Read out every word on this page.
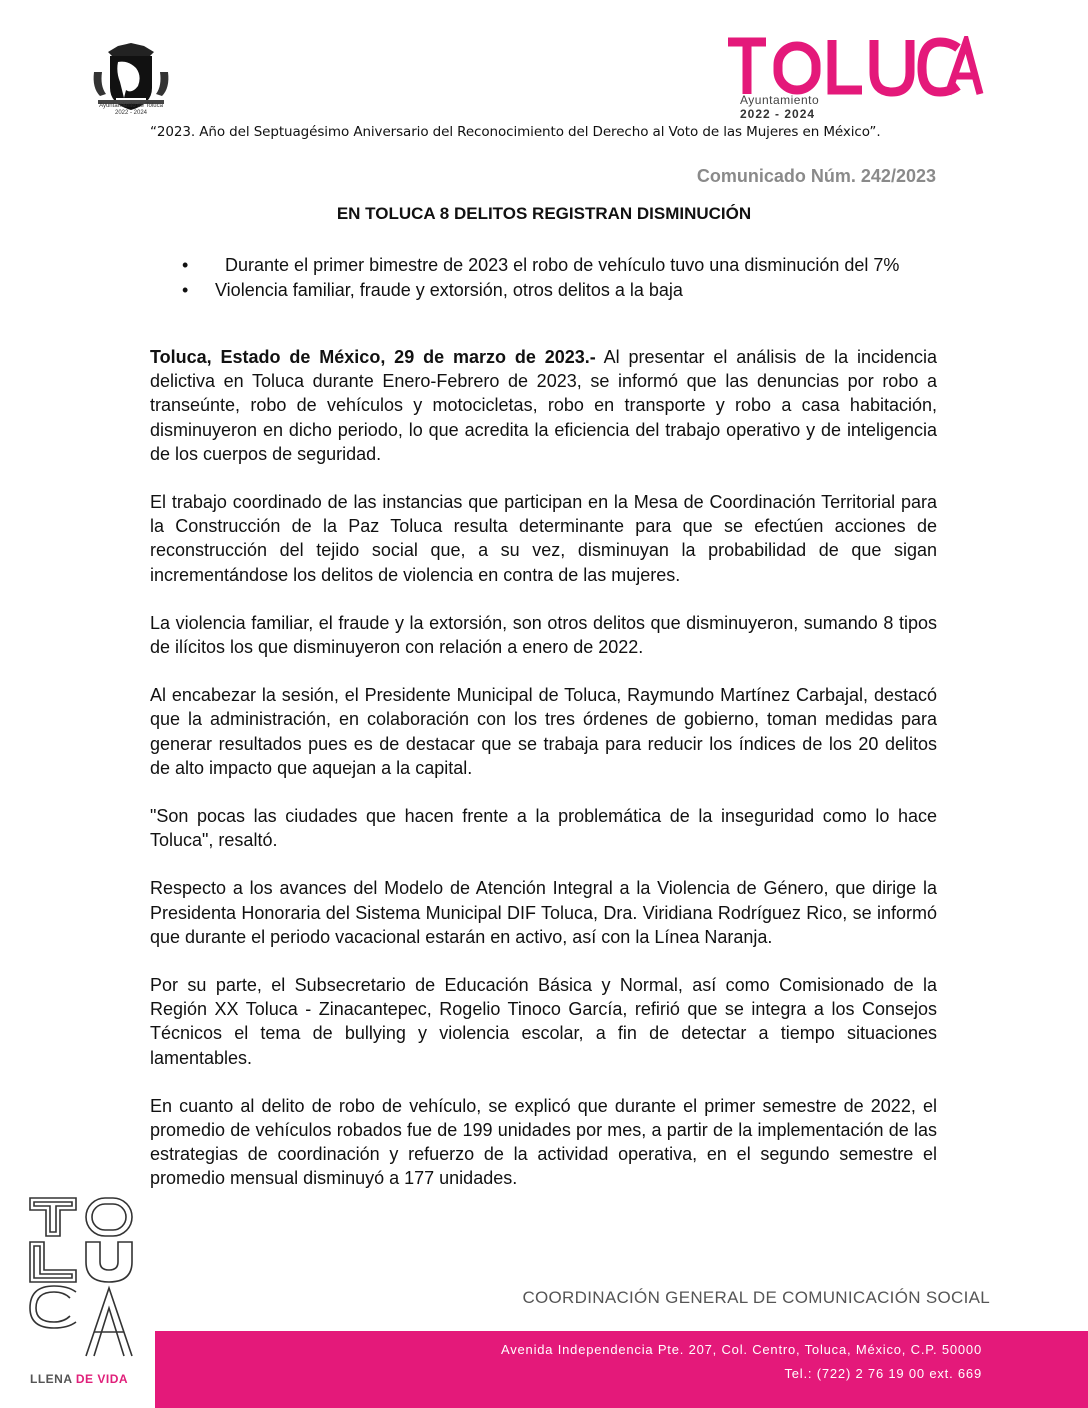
Ayuntamiento de Toluca
2022 - 2024
TOLUCA
Ayuntamiento
2022 - 2024
“2023. Año del Septuagésimo Aniversario del Reconocimiento del Derecho al Voto de las Mujeres en México”.
Comunicado Núm. 242/2023
EN TOLUCA 8 DELITOS REGISTRAN DISMINUCIÓN
•   Durante el primer bimestre de 2023 el robo de vehículo tuvo una disminución del 7%
• Violencia familiar, fraude y extorsión, otros delitos a la baja

Toluca, Estado de México, 29 de marzo de 2023.- Al presentar el análisis de la incidencia delictiva en Toluca durante Enero-Febrero de 2023, se informó que las denuncias por robo a transeúnte, robo de vehículos y motocicletas, robo en transporte y robo a casa habitación, disminuyeron en dicho periodo, lo que acredita la eficiencia del trabajo operativo y de inteligencia de los cuerpos de seguridad.

El trabajo coordinado de las instancias que participan en la Mesa de Coordinación Territorial para la Construcción de la Paz Toluca resulta determinante para que se efectúen acciones de reconstrucción del tejido social que, a su vez, disminuyan la probabilidad de que sigan incrementándose los delitos de violencia en contra de las mujeres.

La violencia familiar, el fraude y la extorsión, son otros delitos que disminuyeron, sumando 8 tipos de ilícitos los que disminuyeron con relación a enero de 2022.

Al encabezar la sesión, el Presidente Municipal de Toluca, Raymundo Martínez Carbajal, destacó que la administración, en colaboración con los tres órdenes de gobierno, toman medidas para generar resultados pues es de destacar que se trabaja para reducir los índices de los 20 delitos de alto impacto que aquejan a la capital.

"Son pocas las ciudades que hacen frente a la problemática de la inseguridad como lo hace Toluca", resaltó.

Respecto a los avances del Modelo de Atención Integral a la Violencia de Género, que dirige la Presidenta Honoraria del Sistema Municipal DIF Toluca, Dra. Viridiana Rodríguez Rico, se informó que durante el periodo vacacional estarán en activo, así con la Línea Naranja.

Por su parte, el Subsecretario de Educación Básica y Normal, así como Comisionado de la Región XX Toluca - Zinacantepec, Rogelio Tinoco García, refirió que se integra a los Consejos Técnicos el tema de bullying y violencia escolar, a fin de detectar a tiempo situaciones lamentables.

En cuanto al delito de robo de vehículo, se explicó que durante el primer semestre de 2022, el promedio de vehículos robados fue de 199 unidades por mes, a partir de la implementación de las estrategias de coordinación y refuerzo de la actividad operativa, en el segundo semestre el promedio mensual disminuyó a 177 unidades.

TOLUCA
LLENA DE VIDA
COORDINACIÓN GENERAL DE COMUNICACIÓN SOCIAL
Avenida Independencia Pte. 207, Col. Centro, Toluca, México, C.P. 50000
Tel.: (722) 2 76 19 00 ext. 669
